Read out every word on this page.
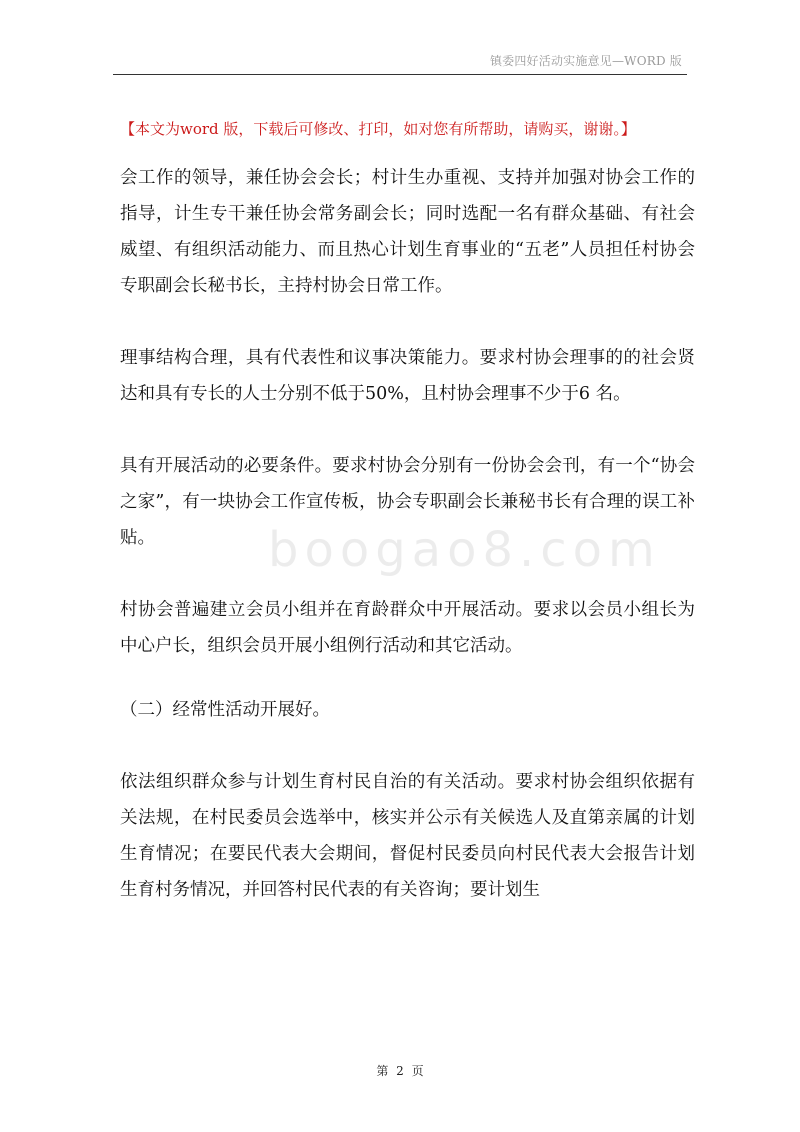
镇委四好活动实施意见—WORD 版
【本文为word 版，下载后可修改、打印，如对您有所帮助，请购买，谢谢。】
boogao8.com

会工作的领导，兼任协会会长；村计生办重视、支持并加强对协会工作的指导，计生专干兼任协会常务副会长；同时选配一名有群众基础、有社会威望、有组织活动能力、而且热心计划生育事业的“五老”人员担任村协会专职副会长秘书长，主持村协会日常工作。

理事结构合理，具有代表性和议事决策能力。要求村协会理事的的社会贤达和具有专长的人士分别不低于50%，且村协会理事不少于6 名。

具有开展活动的必要条件。要求村协会分别有一份协会会刊，有一个“协会之家”，有一块协会工作宣传板，协会专职副会长兼秘书长有合理的误工补贴。

村协会普遍建立会员小组并在育龄群众中开展活动。要求以会员小组长为中心户长，组织会员开展小组例行活动和其它活动。

（二）经常性活动开展好。

依法组织群众参与计划生育村民自治的有关活动。要求村协会组织依据有关法规，在村民委员会选举中，核实并公示有关候选人及直第亲属的计划生育情况；在要民代表大会期间，督促村民委员向村民代表大会报告计划生育村务情况，并回答村民代表的有关咨询；要计划生

第 2 页
